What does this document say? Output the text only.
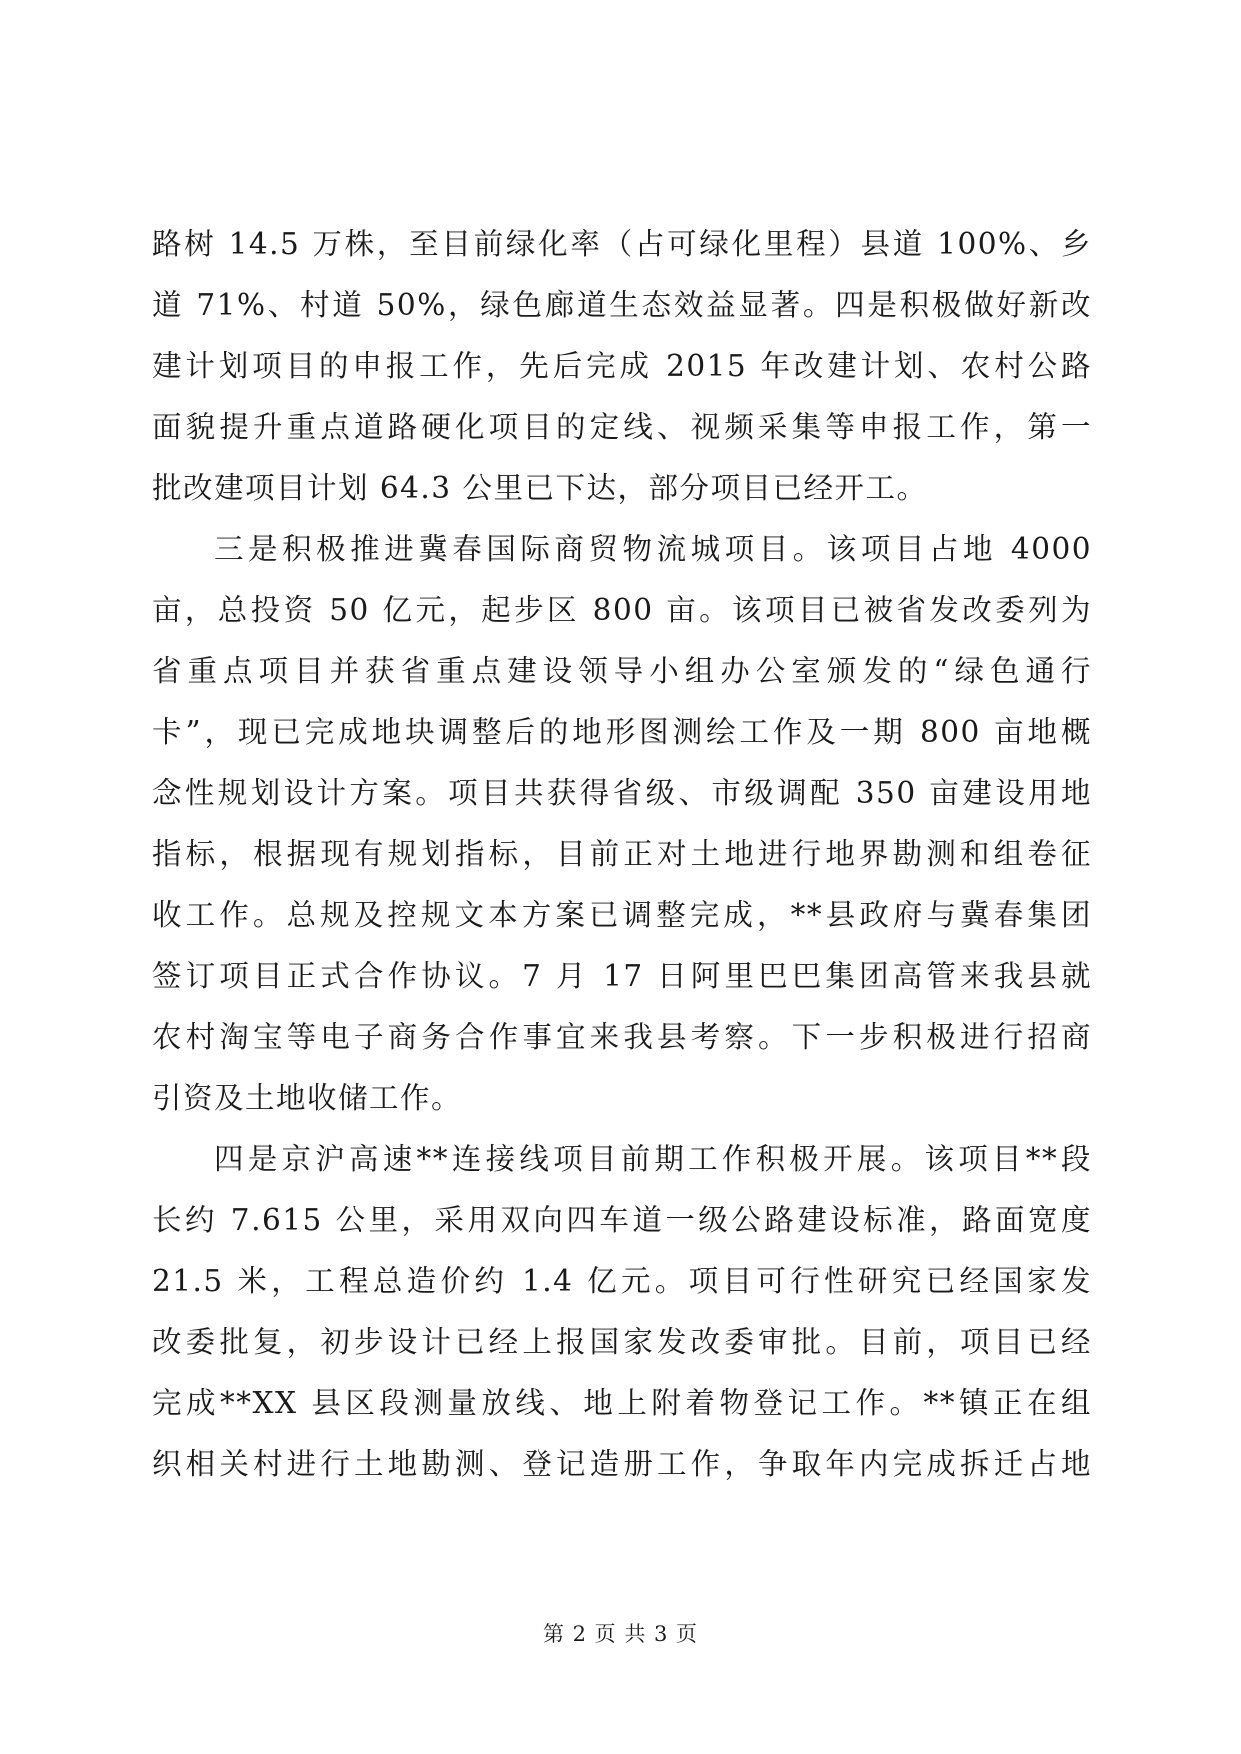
路树 14.5 万株，至目前绿化率（占可绿化里程）县道 100%、乡
道 71%、村道 50%，绿色廊道生态效益显著。四是积极做好新改
建计划项目的申报工作，先后完成 2015 年改建计划、农村公路
面貌提升重点道路硬化项目的定线、视频采集等申报工作，第一
批改建项目计划 64.3 公里已下达，部分项目已经开工。
三是积极推进冀春国际商贸物流城项目。该项目占地 4000
亩，总投资 50 亿元，起步区 800 亩。该项目已被省发改委列为
省重点项目并获省重点建设领导小组办公室颁发的“绿色通行
卡”，现已完成地块调整后的地形图测绘工作及一期 800 亩地概
念性规划设计方案。项目共获得省级、市级调配 350 亩建设用地
指标，根据现有规划指标，目前正对土地进行地界勘测和组卷征
收工作。总规及控规文本方案已调整完成，**县政府与冀春集团
签订项目正式合作协议。7 月 17 日阿里巴巴集团高管来我县就
农村淘宝等电子商务合作事宜来我县考察。下一步积极进行招商
引资及土地收储工作。
四是京沪高速**连接线项目前期工作积极开展。该项目**段
长约 7.615 公里，采用双向四车道一级公路建设标准，路面宽度
21.5 米，工程总造价约 1.4 亿元。项目可行性研究已经国家发
改委批复，初步设计已经上报国家发改委审批。目前，项目已经
完成**XX 县区段测量放线、地上附着物登记工作。**镇正在组
织相关村进行土地勘测、登记造册工作，争取年内完成拆迁占地
第 2 页 共 3 页
